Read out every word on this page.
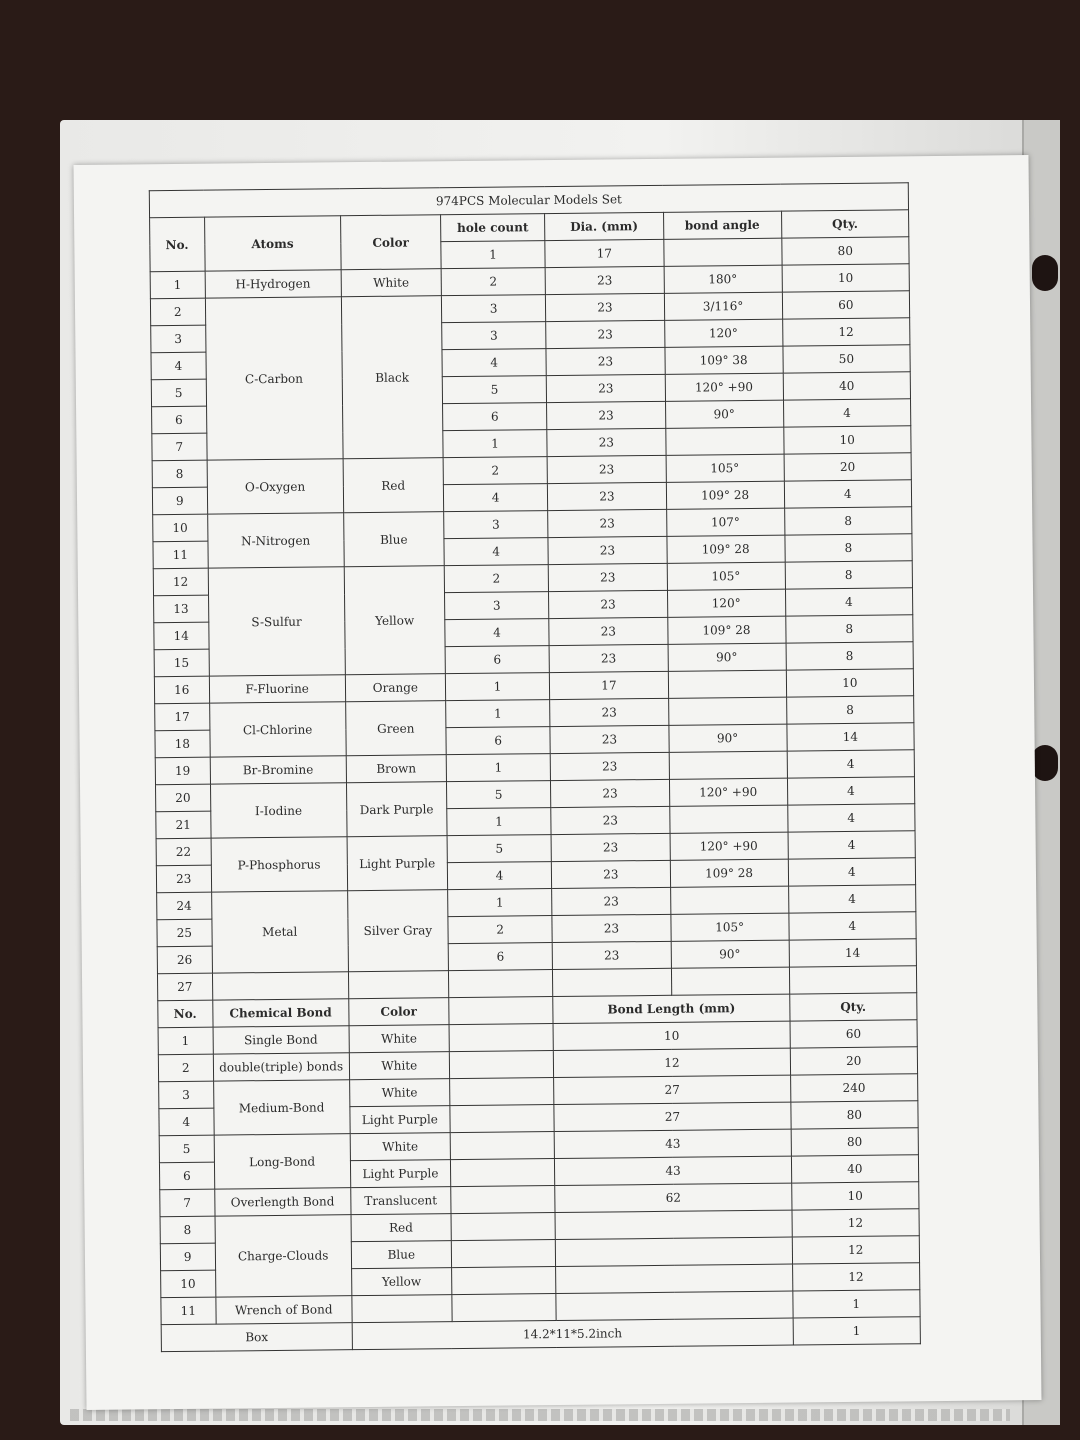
974PCS Molecular Models Set						
No.	Atoms	Color	hole count	Dia. (mm)	bond angle	Qty.
			1	17		80
1	H-Hydrogen	White	2	23	180°	10
2	C-Carbon	Black	3	23	3/116°	60
3			3	23	120°	12
4			4	23	109° 38	50
5			5	23	120° +90	40
6			6	23	90°	4
7			1	23		10
8	O-Oxygen	Red	2	23	105°	20
9			4	23	109° 28	4
10	N-Nitrogen	Blue	3	23	107°	8
11			4	23	109° 28	8
12	S-Sulfur	Yellow	2	23	105°	8
13			3	23	120°	4
14			4	23	109° 28	8
15			6	23	90°	8
16	F-Fluorine	Orange	1	17		10
17	Cl-Chlorine	Green	1	23		8
18			6	23	90°	14
19	Br-Bromine	Brown	1	23		4
20	I-Iodine	Dark Purple	5	23	120° +90	4
21			1	23		4
22	P-Phosphorus	Light Purple	5	23	120° +90	4
23			4	23	109° 28	4
24	Metal	Silver Gray	1	23		4
25			2	23	105°	4
26			6	23	90°	14
27						
No.	Chemical Bond	Color		Bond Length (mm)		Qty.
1	Single Bond	White		10		60
2	double(triple) bonds	White		12		20
3	Medium-Bond	White		27		240
4		Light Purple		27		80
5	Long-Bond	White		43		80
6		Light Purple		43		40
7	Overlength Bond	Translucent		62		10
8	Charge-Clouds	Red				12
9		Blue				12
10		Yellow				12
11	Wrench of Bond					1
Box		14.2*11*5.2inch				1
